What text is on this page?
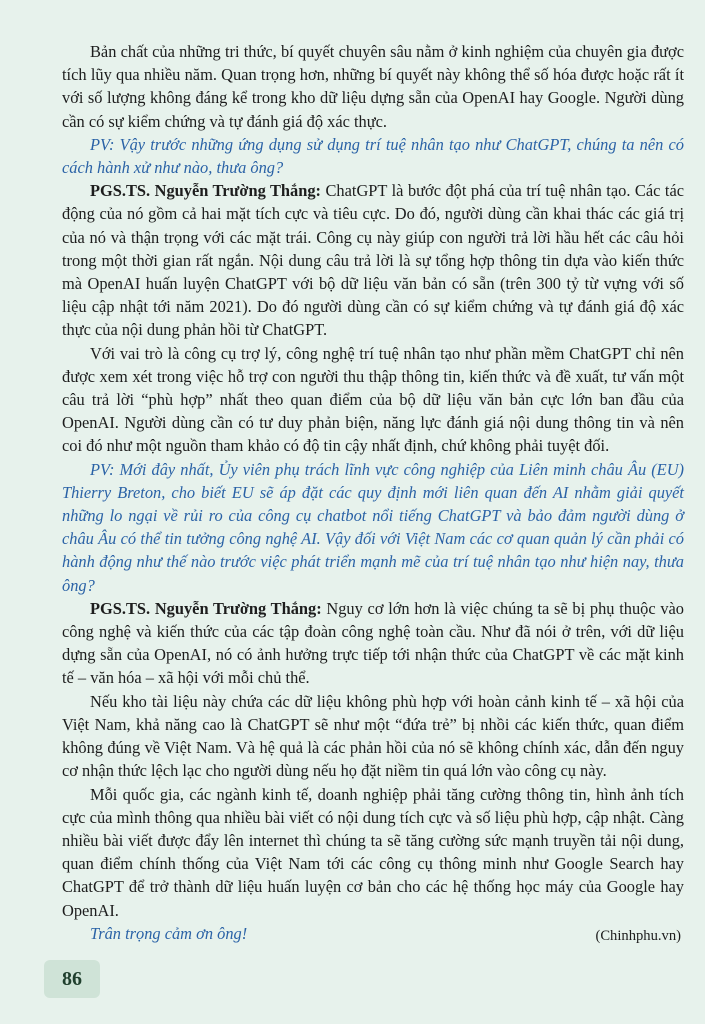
Bản chất của những tri thức, bí quyết chuyên sâu nằm ở kinh nghiệm của chuyên gia được tích lũy qua nhiều năm. Quan trọng hơn, những bí quyết này không thể số hóa được hoặc rất ít với số lượng không đáng kể trong kho dữ liệu dựng sẵn của OpenAI hay Google. Người dùng cần có sự kiểm chứng và tự đánh giá độ xác thực.

PV: Vậy trước những ứng dụng sử dụng trí tuệ nhân tạo như ChatGPT, chúng ta nên có cách hành xử như nào, thưa ông?

PGS.TS. Nguyễn Trường Thắng: ChatGPT là bước đột phá của trí tuệ nhân tạo. Các tác động của nó gồm cả hai mặt tích cực và tiêu cực. Do đó, người dùng cần khai thác các giá trị của nó và thận trọng với các mặt trái. Công cụ này giúp con người trả lời hầu hết các câu hỏi trong một thời gian rất ngắn. Nội dung câu trả lời là sự tổng hợp thông tin dựa vào kiến thức mà OpenAI huấn luyện ChatGPT với bộ dữ liệu văn bản có sẵn (trên 300 tỷ từ vựng với số liệu cập nhật tới năm 2021). Do đó người dùng cần có sự kiểm chứng và tự đánh giá độ xác thực của nội dung phản hồi từ ChatGPT.

Với vai trò là công cụ trợ lý, công nghệ trí tuệ nhân tạo như phần mềm ChatGPT chỉ nên được xem xét trong việc hỗ trợ con người thu thập thông tin, kiến thức và đề xuất, tư vấn một câu trả lời “phù hợp” nhất theo quan điểm của bộ dữ liệu văn bản cực lớn ban đầu của OpenAI. Người dùng cần có tư duy phản biện, năng lực đánh giá nội dung thông tin và nên coi đó như một nguồn tham khảo có độ tin cậy nhất định, chứ không phải tuyệt đối.

PV: Mới đây nhất, Ủy viên phụ trách lĩnh vực công nghiệp của Liên minh châu Âu (EU) Thierry Breton, cho biết EU sẽ áp đặt các quy định mới liên quan đến AI nhằm giải quyết những lo ngại về rủi ro của công cụ chatbot nổi tiếng ChatGPT và bảo đảm người dùng ở châu Âu có thể tin tưởng công nghệ AI. Vậy đối với Việt Nam các cơ quan quản lý cần phải có hành động như thế nào trước việc phát triển mạnh mẽ của trí tuệ nhân tạo như hiện nay, thưa ông?

PGS.TS. Nguyễn Trường Thắng: Nguy cơ lớn hơn là việc chúng ta sẽ bị phụ thuộc vào công nghệ và kiến thức của các tập đoàn công nghệ toàn cầu. Như đã nói ở trên, với dữ liệu dựng sẵn của OpenAI, nó có ảnh hưởng trực tiếp tới nhận thức của ChatGPT về các mặt kinh tế – văn hóa – xã hội với mỗi chủ thể.

Nếu kho tài liệu này chứa các dữ liệu không phù hợp với hoàn cảnh kinh tế – xã hội của Việt Nam, khả năng cao là ChatGPT sẽ như một “đứa trẻ” bị nhồi các kiến thức, quan điểm không đúng về Việt Nam. Và hệ quả là các phản hồi của nó sẽ không chính xác, dẫn đến nguy cơ nhận thức lệch lạc cho người dùng nếu họ đặt niềm tin quá lớn vào công cụ này.

Mỗi quốc gia, các ngành kinh tế, doanh nghiệp phải tăng cường thông tin, hình ảnh tích cực của mình thông qua nhiều bài viết có nội dung tích cực và số liệu phù hợp, cập nhật. Càng nhiều bài viết được đẩy lên internet thì chúng ta sẽ tăng cường sức mạnh truyền tải nội dung, quan điểm chính thống của Việt Nam tới các công cụ thông minh như Google Search hay ChatGPT để trở thành dữ liệu huấn luyện cơ bản cho các hệ thống học máy của Google hay OpenAI.

Trân trọng cảm ơn ông!	(Chinhphu.vn)
86
